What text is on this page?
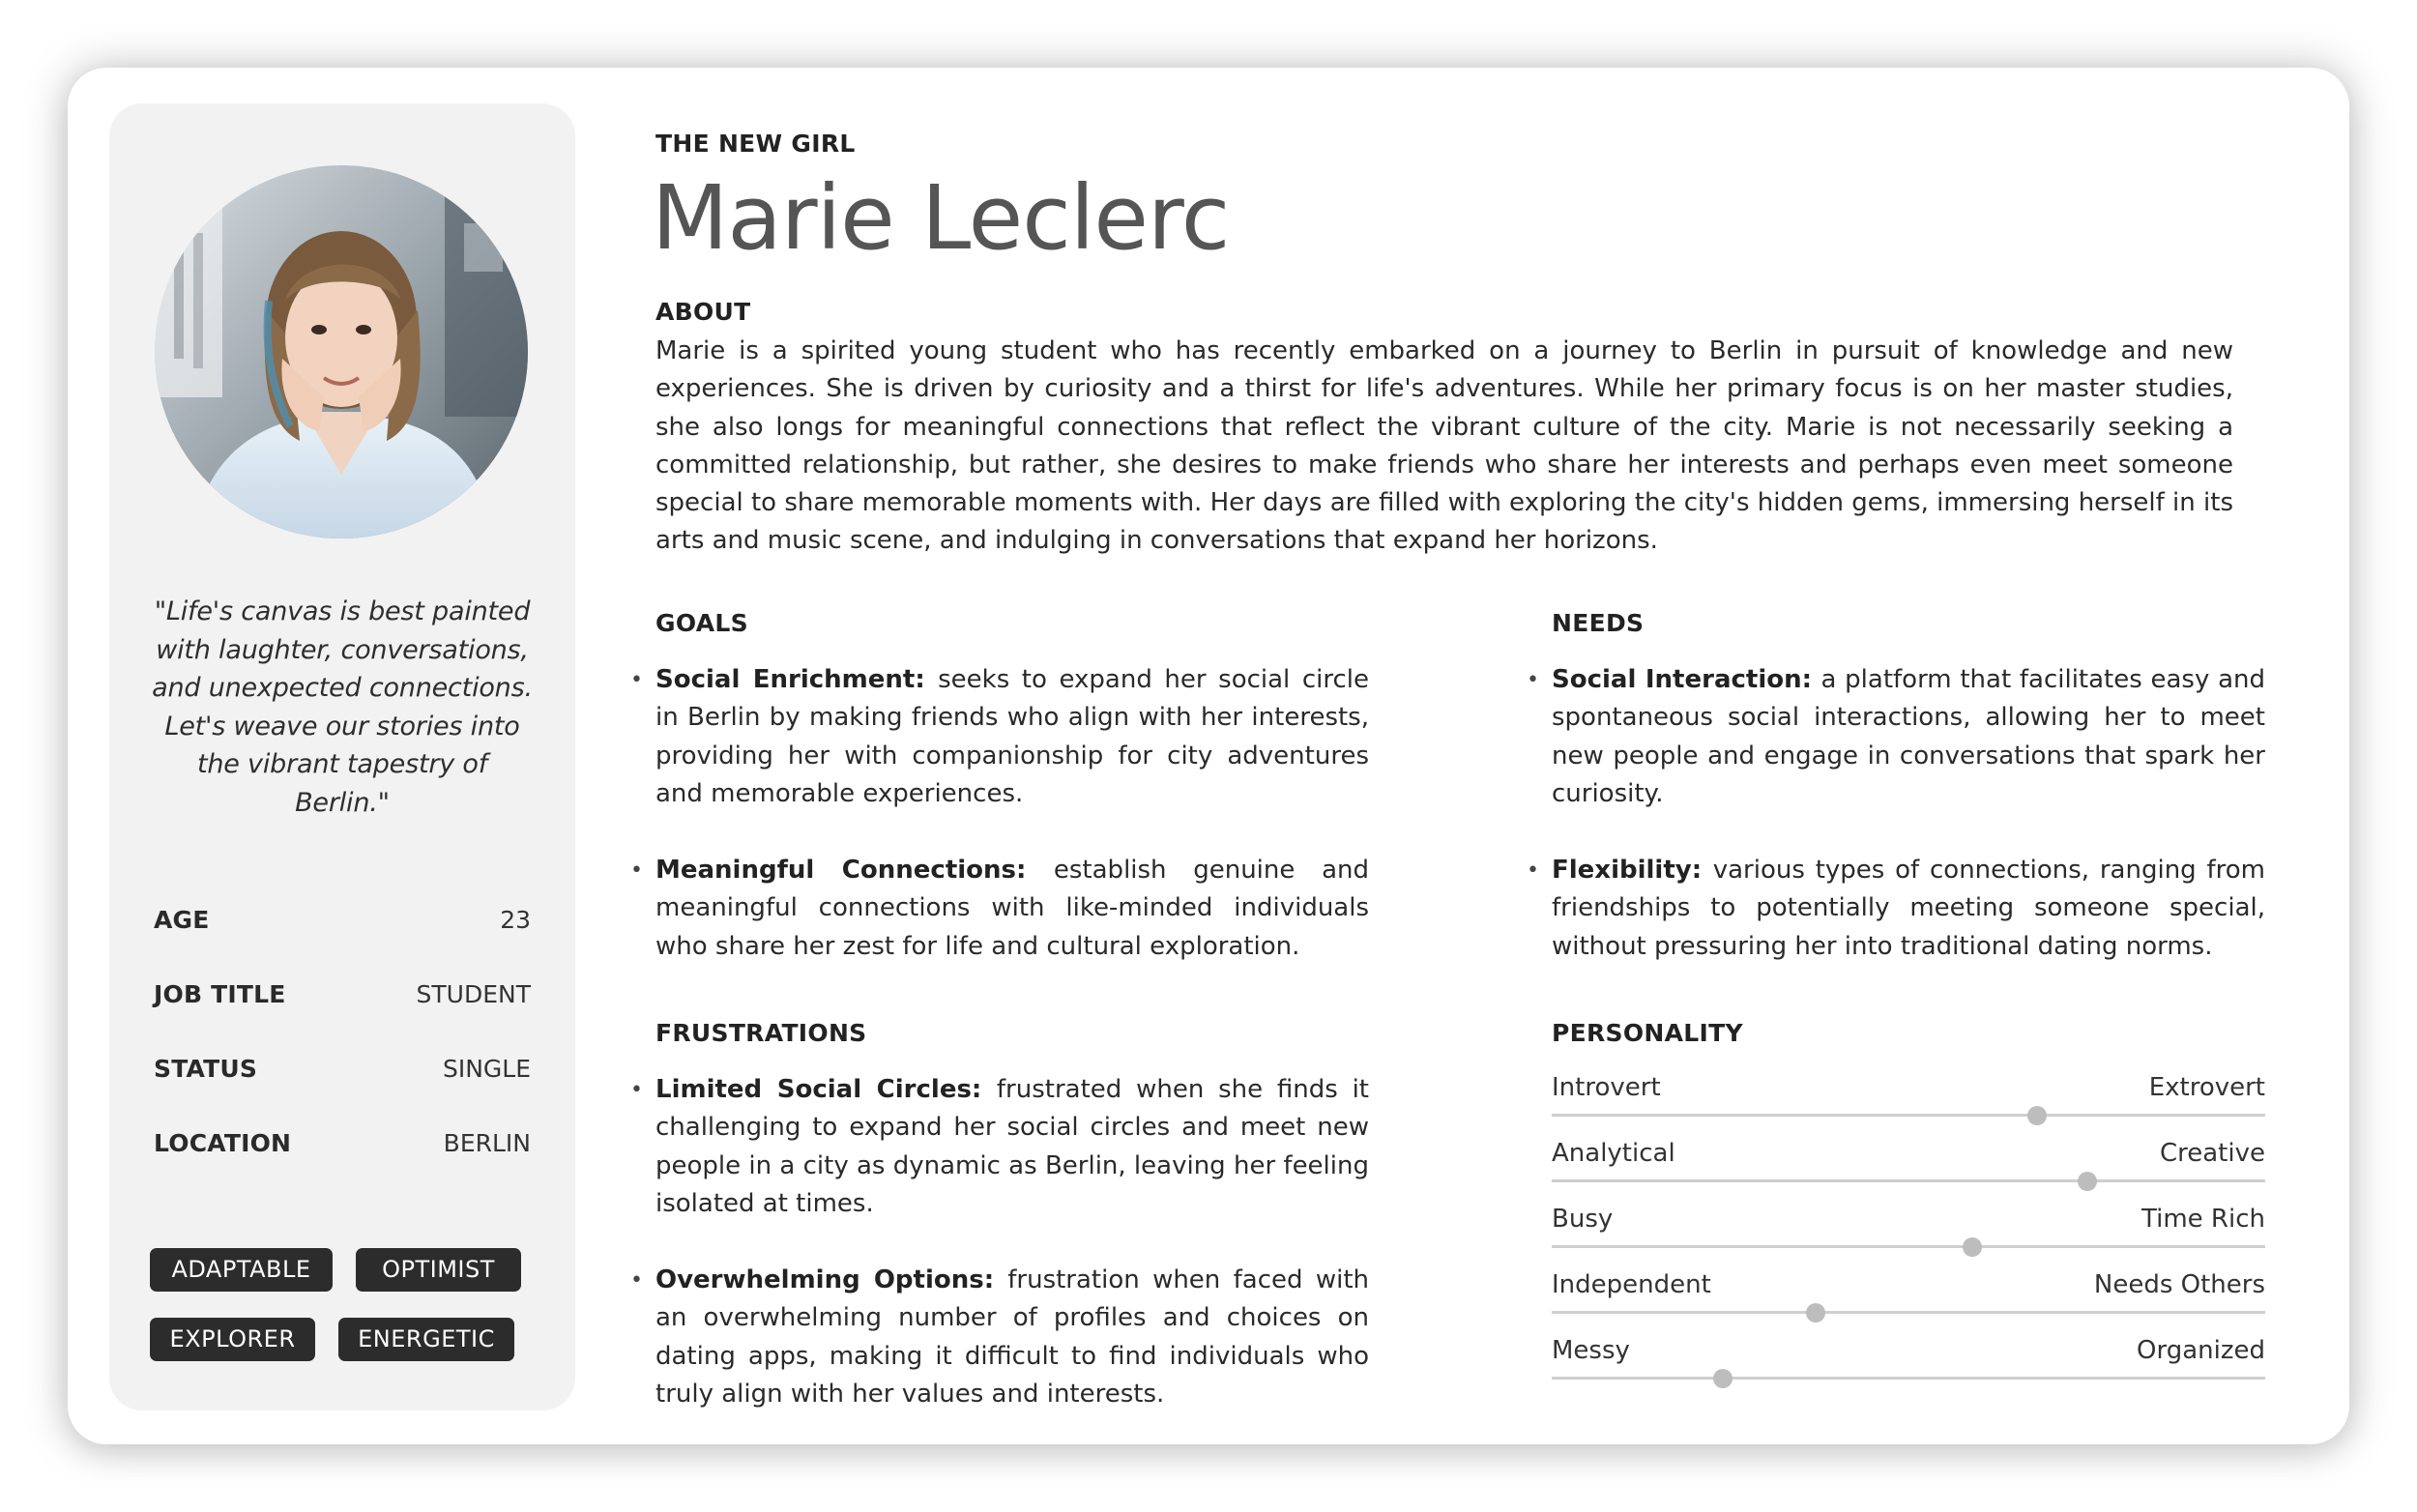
"Life's canvas is best painted with laughter, conversations, and unexpected connections. Let's weave our stories into the vibrant tapestry of Berlin."
AGE	23
JOB TITLE	STUDENT
STATUS	SINGLE
LOCATION	BERLIN
ADAPTABLE	OPTIMIST
EXPLORER	ENERGETIC
THE NEW GIRL
Marie Leclerc
ABOUT
Marie is a spirited young student who has recently embarked on a journey to Berlin in pursuit of knowledge and new experiences. She is driven by curiosity and a thirst for life's adventures. While her primary focus is on her master studies, she also longs for meaningful connections that reflect the vibrant culture of the city. Marie is not necessarily seeking a committed relationship, but rather, she desires to make friends who share her interests and perhaps even meet someone special to share memorable moments with. Her days are filled with exploring the city's hidden gems, immersing herself in its arts and music scene, and indulging in conversations that expand her horizons.
GOALS
• Social Enrichment: seeks to expand her social circle in Berlin by making friends who align with her interests, providing her with companionship for city adventures and memorable experiences.
• Meaningful Connections: establish genuine and meaningful connections with like-minded individuals who share her zest for life and cultural exploration.
NEEDS
• Social Interaction: a platform that facilitates easy and spontaneous social interactions, allowing her to meet new people and engage in conversations that spark her curiosity.
• Flexibility: various types of connections, ranging from friendships to potentially meeting someone special, without pressuring her into traditional dating norms.
FRUSTRATIONS
• Limited Social Circles: frustrated when she finds it challenging to expand her social circles and meet new people in a city as dynamic as Berlin, leaving her feeling isolated at times.
• Overwhelming Options: frustration when faced with an overwhelming number of profiles and choices on dating apps, making it difficult to find individuals who truly align with her values and interests.
PERSONALITY
Introvert	Extrovert
Analytical	Creative
Busy	Time Rich
Independent	Needs Others
Messy	Organized
